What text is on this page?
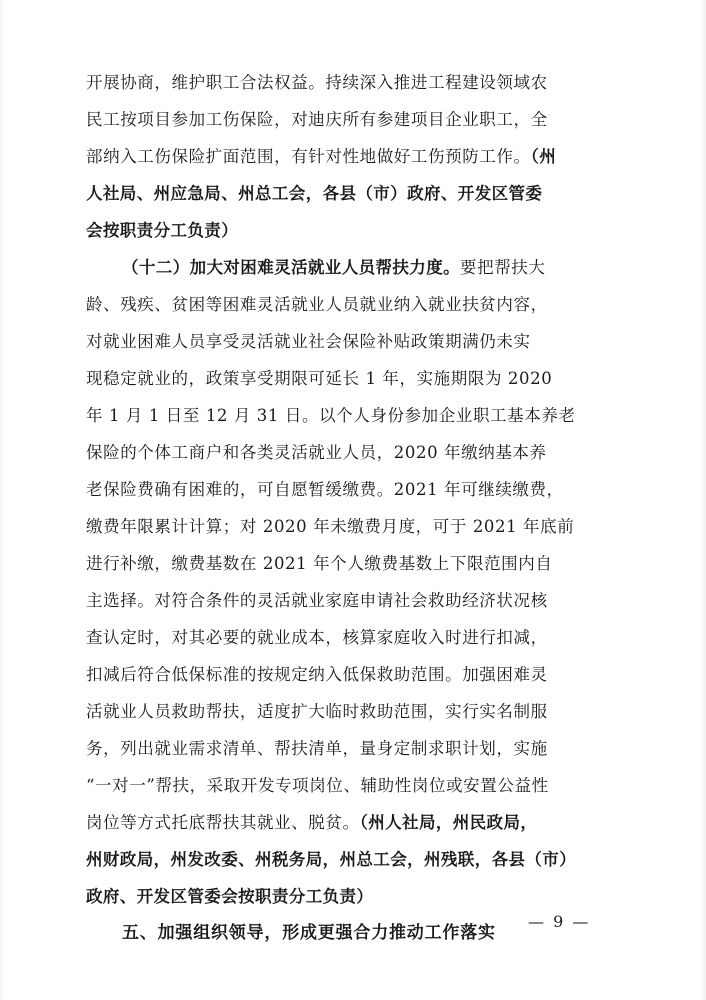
开展协商，维护职工合法权益。持续深入推进工程建设领域农
民工按项目参加工伤保险，对迪庆所有参建项目企业职工，全
部纳入工伤保险扩面范围，有针对性地做好工伤预防工作。（州
人社局、州应急局、州总工会，各县（市）政府、开发区管委
会按职责分工负责）
（十二）加大对困难灵活就业人员帮扶力度。要把帮扶大
龄、残疾、贫困等困难灵活就业人员就业纳入就业扶贫内容，
对就业困难人员享受灵活就业社会保险补贴政策期满仍未实
现稳定就业的，政策享受期限可延长 1 年，实施期限为 2020
年 1 月 1 日至 12 月 31 日。以个人身份参加企业职工基本养老
保险的个体工商户和各类灵活就业人员，2020 年缴纳基本养
老保险费确有困难的，可自愿暂缓缴费。2021 年可继续缴费，
缴费年限累计计算；对 2020 年未缴费月度，可于 2021 年底前
进行补缴，缴费基数在 2021 年个人缴费基数上下限范围内自
主选择。对符合条件的灵活就业家庭申请社会救助经济状况核
查认定时，对其必要的就业成本，核算家庭收入时进行扣减，
扣减后符合低保标准的按规定纳入低保救助范围。加强困难灵
活就业人员救助帮扶，适度扩大临时救助范围，实行实名制服
务，列出就业需求清单、帮扶清单，量身定制求职计划，实施
“一对一”帮扶，采取开发专项岗位、辅助性岗位或安置公益性
岗位等方式托底帮扶其就业、脱贫。（州人社局，州民政局，
州财政局，州发改委、州税务局，州总工会，州残联，各县（市）
政府、开发区管委会按职责分工负责）
五、加强组织领导，形成更强合力推动工作落实
— 9 —
